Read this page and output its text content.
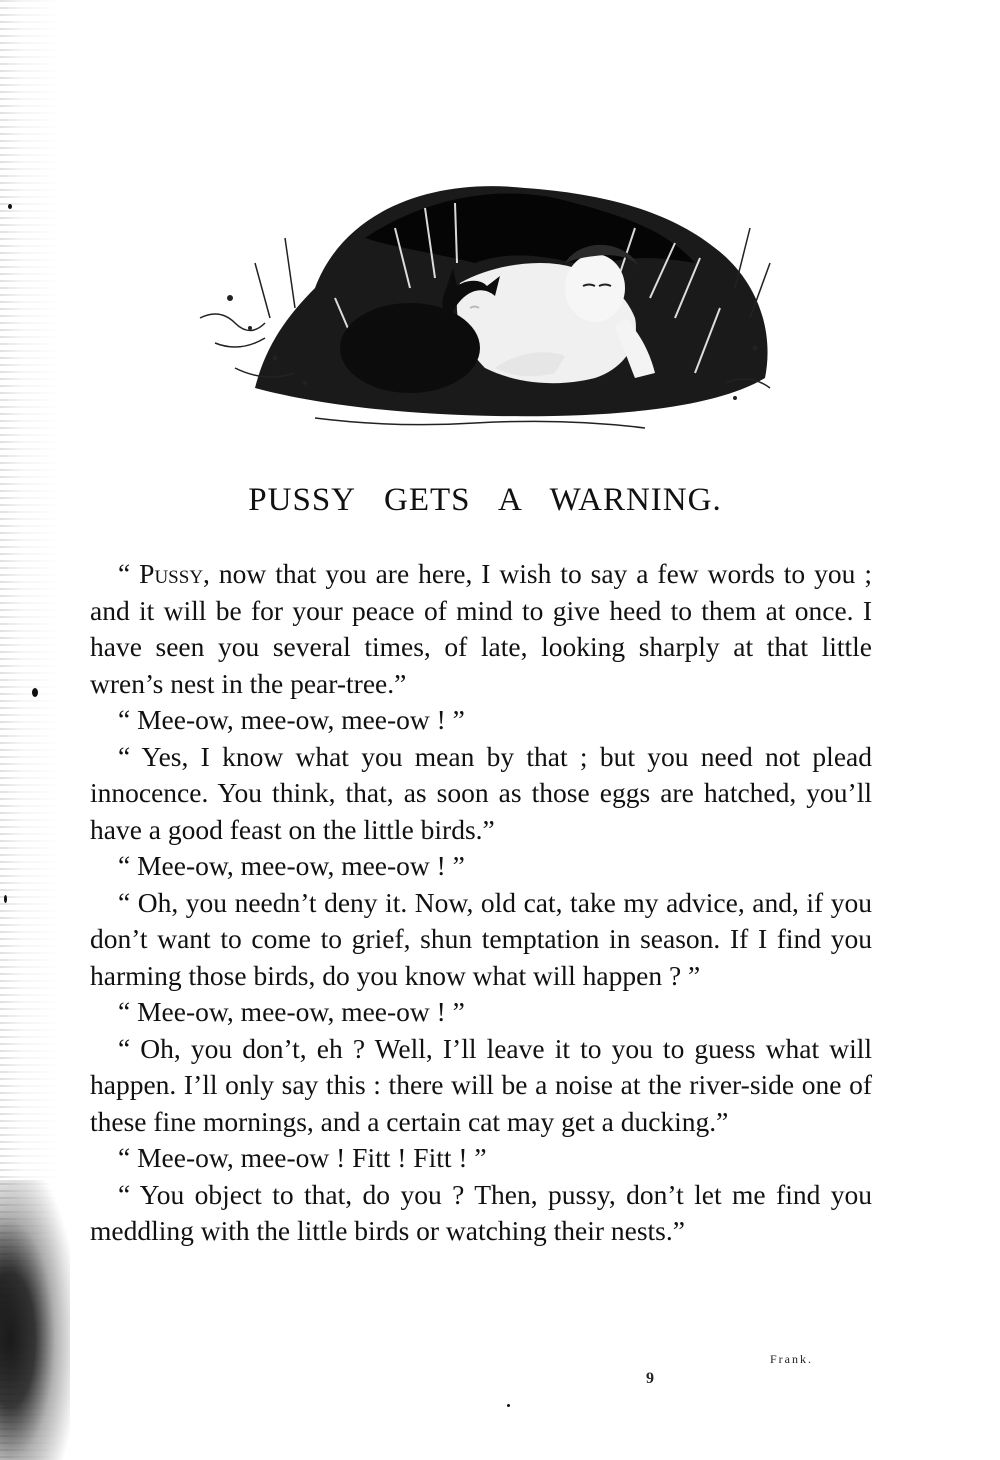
PUSSY GETS A WARNING.

“ Pussy, now that you are here, I wish to say a few words to you ; and it will be for your peace of mind to give heed to them at once. I have seen you several times, of late, looking sharply at that little wren’s nest in the pear-tree.”

“ Mee-ow, mee-ow, mee-ow ! ”

“ Yes, I know what you mean by that ; but you need not plead innocence. You think, that, as soon as those eggs are hatched, you’ll have a good feast on the little birds.”

“ Mee-ow, mee-ow, mee-ow ! ”

“ Oh, you needn’t deny it. Now, old cat, take my advice, and, if you don’t want to come to grief, shun temptation in season. If I find you harming those birds, do you know what will happen ? ”

“ Mee-ow, mee-ow, mee-ow ! ”

“ Oh, you don’t, eh ? Well, I’ll leave it to you to guess what will happen. I’ll only say this : there will be a noise at the river-side one of these fine mornings, and a certain cat may get a ducking.”

“ Mee-ow, mee-ow ! Fitt ! Fitt ! ”

“ You object to that, do you ? Then, pussy, don’t let me find you meddling with the little birds or watching their nests.”

Frank.
9
